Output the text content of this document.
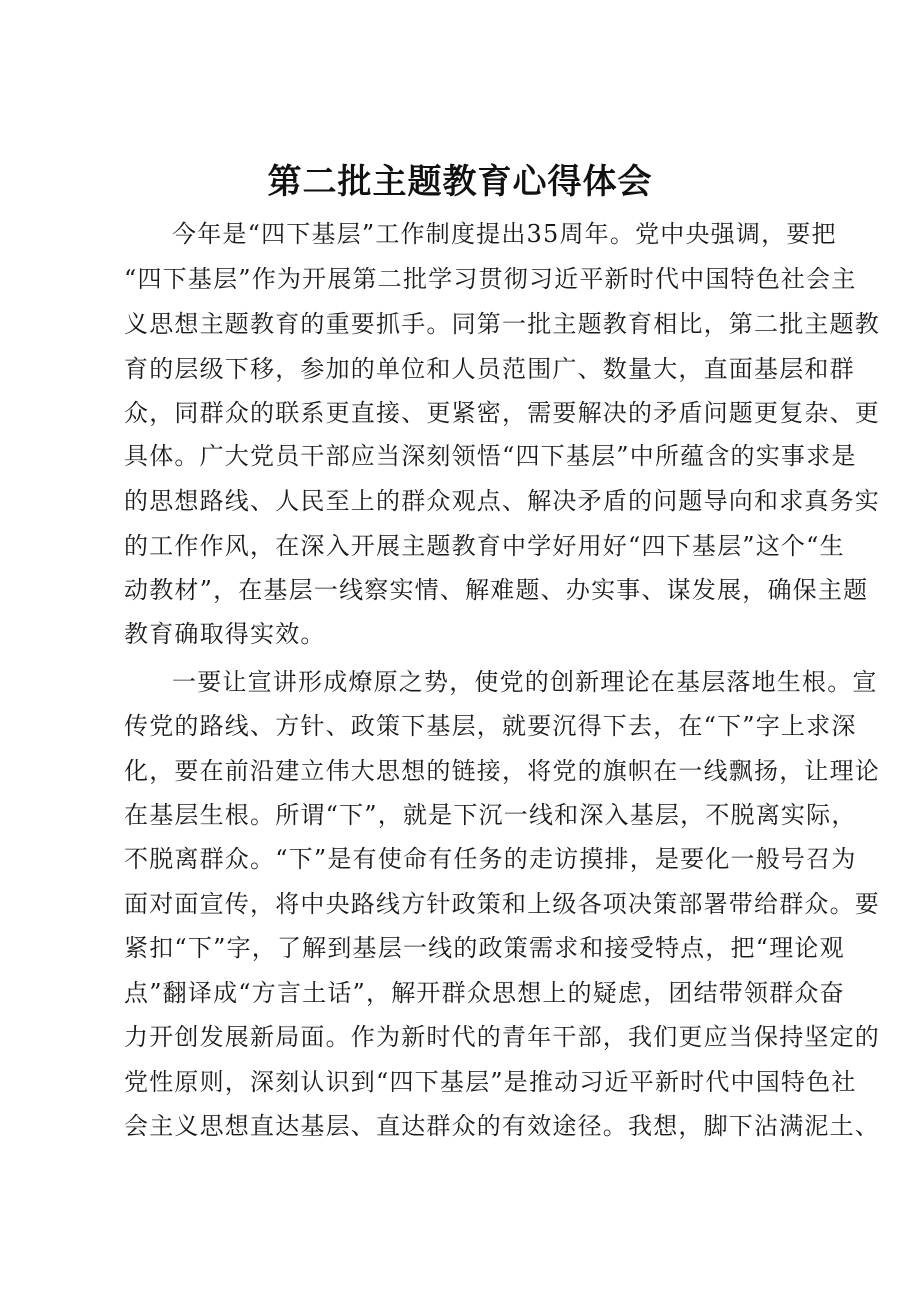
第二批主题教育心得体会
今年是“四下基层”工作制度提出35周年。党中央强调，要把
“四下基层”作为开展第二批学习贯彻习近平新时代中国特色社会主
义思想主题教育的重要抓手。同第一批主题教育相比，第二批主题教
育的层级下移，参加的单位和人员范围广、数量大，直面基层和群
众，同群众的联系更直接、更紧密，需要解决的矛盾问题更复杂、更
具体。广大党员干部应当深刻领悟“四下基层”中所蕴含的实事求是
的思想路线、人民至上的群众观点、解决矛盾的问题导向和求真务实
的工作作风，在深入开展主题教育中学好用好“四下基层”这个“生
动教材”，在基层一线察实情、解难题、办实事、谋发展，确保主题
教育确取得实效。
一要让宣讲形成燎原之势，使党的创新理论在基层落地生根。宣
传党的路线、方针、政策下基层，就要沉得下去，在“下”字上求深
化，要在前沿建立伟大思想的链接，将党的旗帜在一线飘扬，让理论
在基层生根。所谓“下”，就是下沉一线和深入基层，不脱离实际，
不脱离群众。“下”是有使命有任务的走访摸排，是要化一般号召为
面对面宣传，将中央路线方针政策和上级各项决策部署带给群众。要
紧扣“下”字，了解到基层一线的政策需求和接受特点，把“理论观
点”翻译成“方言土话”，解开群众思想上的疑虑，团结带领群众奋
力开创发展新局面。作为新时代的青年干部，我们更应当保持坚定的
党性原则，深刻认识到“四下基层”是推动习近平新时代中国特色社
会主义思想直达基层、直达群众的有效途径。我想，脚下沾满泥土、
